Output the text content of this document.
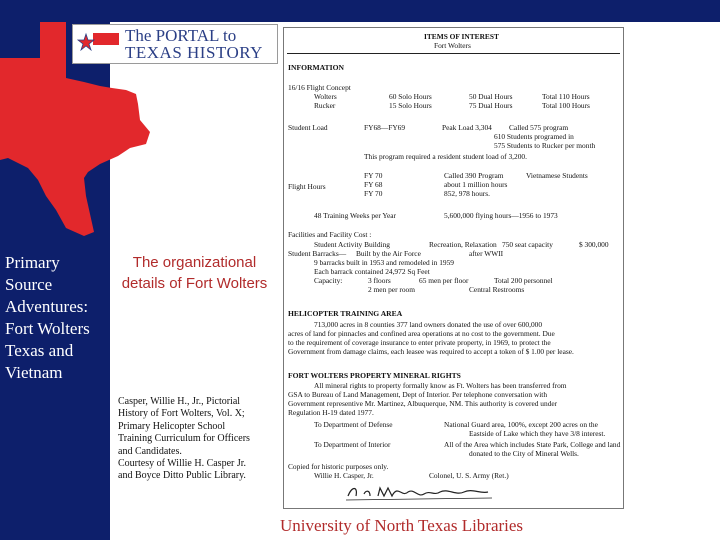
The PORTAL to
TEXAS HISTORY
Primary
Source
Adventures:
Fort Wolters
Texas and
Vietnam
The organizational
details of Fort Wolters
Casper, Willie H., Jr., Pictorial
History of Fort Wolters, Vol. X;
Primary Helicopter School
Training Curriculum for Officers
and Candidates.
Courtesy of Willie H. Casper Jr.
and Boyce Ditto Public Library.
ITEMS OF INTEREST
Fort Wolters
INFORMATION
16/16 Flight Concept
Wolters	60 Solo Hours	50 Dual Hours	Total 110 Hours
Rucker	15 Solo Hours	75 Dual Hours	Total 100 Hours
Student Load	FY68—FY69	Peak Load 3,304 Called 575 program
610 Students programed in
575 Students to Rucker per month
This program required a resident student load of 3,200.
FY 70	Called 390 Program	Vietnamese Students
Flight Hours	FY 68	about 1 million hours
FY 70	852, 978 hours.
48 Training Weeks per Year	5,600,000 flying hours—1956 to 1973
Facilities and Facility Cost :
Student Activity Building	Recreation, Relaxation 750 seat capacity	$ 300,000
Student Barracks— Built by the Air Force	after WWII
9 barracks built in 1953 and remodeled in 1959
Each barrack contained 24,972 Sq Feet
Capacity:	3 floors	65 men per floor	Total 200 personnel
2 men per room	Central Restrooms
HELICOPTER TRAINING AREA
713,000 acres in 8 counties 377 land owners donated the use of over 600,000
acres of land for pinnacles and confined area operations at no cost to the government. Due
to the requirement of coverage insurance to enter private property, in 1969, to protect the
Government from damage claims, each leasee was required to accept a token of $ 1.00 per lease.
FORT WOLTERS PROPERTY MINERAL RIGHTS
All mineral rights to property formally know as Ft. Wolters has been transferred from
GSA to Bureau of Land Management, Dept of Interior. Per telephone conversation with
Government representive Mr. Martinez, Albuquerque, NM. This authority is covered under
Regulation H-19 dated 1977.
To Department of Defense	National Guard area, 100%, except 200 acres on the
Eastside of Lake which they have 3/8 interest.
To Department of Interior	All of the Area which includes State Park, College and land
donated to the City of Mineral Wells.
Copied for historic purposes only.
Willie H. Casper, Jr.	Colonel, U. S. Army (Ret.)
University of North Texas Libraries
